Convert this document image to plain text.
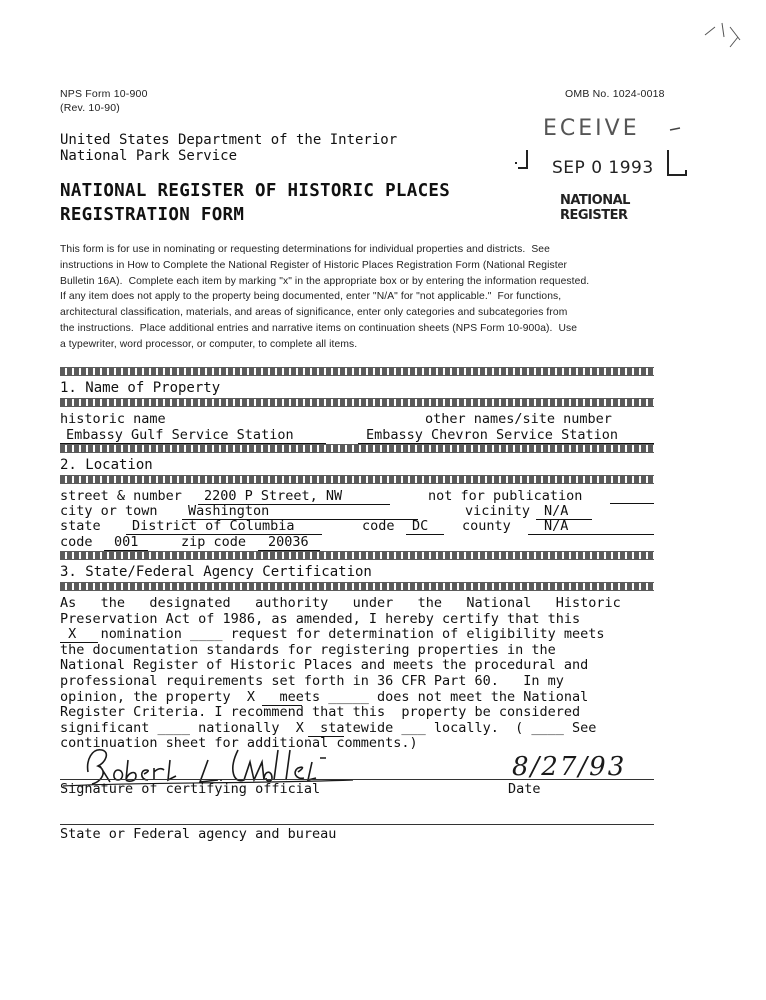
NPS Form 10-900
(Rev. 10-90)
OMB No. 1024-0018
United States Department of the Interior
National Park Service
ECEIVE
SEP 0 1993
NATIONAL
REGISTER
NATIONAL REGISTER OF HISTORIC PLACES
REGISTRATION FORM
This form is for use in nominating or requesting determinations for individual properties and districts.  See
instructions in How to Complete the National Register of Historic Places Registration Form (National Register
Bulletin 16A).  Complete each item by marking "x" in the appropriate box or by entering the information requested.
If any item does not apply to the property being documented, enter "N/A" for "not applicable."  For functions,
architectural classification, materials, and areas of significance, enter only categories and subcategories from
the instructions.  Place additional entries and narrative items on continuation sheets (NPS Form 10-900a).  Use
a typewriter, word processor, or computer, to complete all items.
1. Name of Property
historic name	other names/site number
Embassy Gulf Service Station	Embassy Chevron Service Station
2. Location
street & number	2200 P Street, NW	not for publication
city or town	Washington	vicinity	N/A
state	District of Columbia	code	DC	county	N/A
code	001	zip code	20036
3. State/Federal Agency Certification
As   the   designated   authority   under   the   National   Historic
Preservation Act of 1986, as amended, I hereby certify that this
X   nomination ____ request for determination of eligibility meets
the documentation standards for registering properties in the
National Register of Historic Places and meets the procedural and
professional requirements set forth in 36 CFR Part 60.   In my
opinion, the property  X   meets _____ does not meet the National
Register Criteria. I recommend that this  property be considered
significant ____ nationally  X  statewide ___ locally.  ( ____ See
continuation sheet for additional comments.)
8/27/93
Signature of certifying official	Date
State or Federal agency and bureau
